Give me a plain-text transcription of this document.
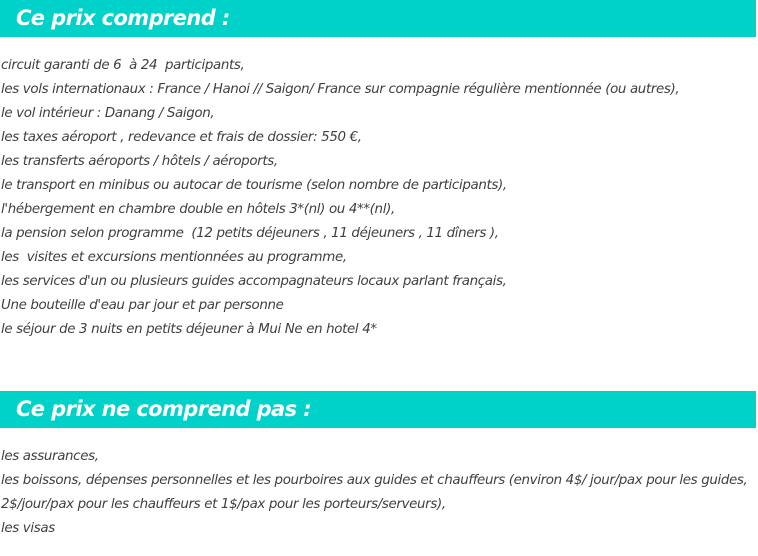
Ce prix comprend :
circuit garanti de 6  à 24  participants,
les vols internationaux : France / Hanoi // Saigon/ France sur compagnie régulière mentionnée (ou autres),
le vol intérieur : Danang / Saigon,
les taxes aéroport , redevance et frais de dossier: 550 €,
les transferts aéroports / hôtels / aéroports,
le transport en minibus ou autocar de tourisme (selon nombre de participants),
l'hébergement en chambre double en hôtels 3*(nl) ou 4**(nl),
la pension selon programme  (12 petits déjeuners , 11 déjeuners , 11 dîners ),
les  visites et excursions mentionnées au programme,
les services d'un ou plusieurs guides accompagnateurs locaux parlant français,
Une bouteille d'eau par jour et par personne
le séjour de 3 nuits en petits déjeuner à Mui Ne en hotel 4*
Ce prix ne comprend pas :
les assurances,
les boissons, dépenses personnelles et les pourboires aux guides et chauffeurs (environ 4$/ jour/pax pour les guides,
2$/jour/pax pour les chauffeurs et 1$/pax pour les porteurs/serveurs),
les visas
